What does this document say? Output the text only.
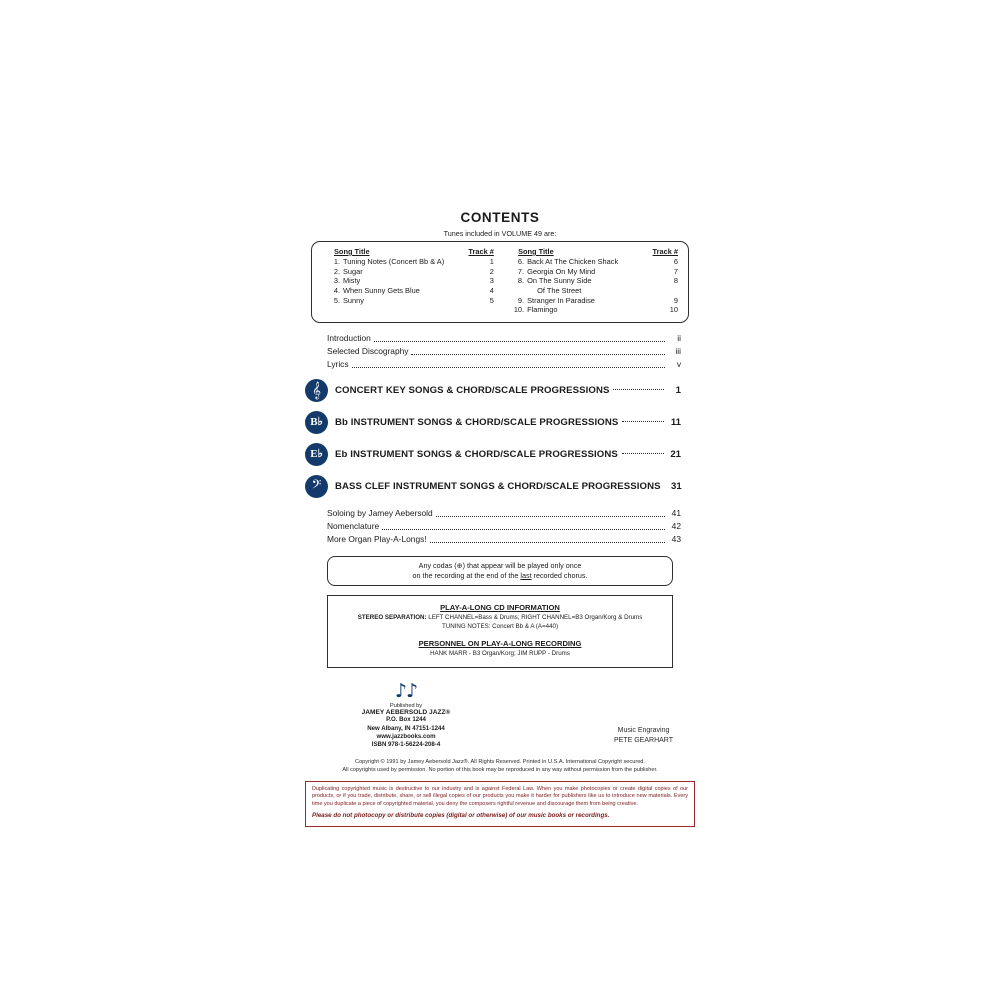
CONTENTS
Tunes included in VOLUME 49 are:
Song Title	Track #
1. Tuning Notes (Concert Bb & A)	1
2. Sugar	2
3. Misty	3
4. When Sunny Gets Blue	4
5. Sunny	5
Song Title	Track #
6. Back At The Chicken Shack	6
7. Georgia On My Mind	7
8. On The Sunny Side	8
Of The Street
9. Stranger In Paradise	9
10. Flamingo	10
Introduction	ii
Selected Discography	iii
Lyrics	v
𝄞	CONCERT KEY SONGS & CHORD/SCALE PROGRESSIONS	1
B♭	Bb INSTRUMENT SONGS & CHORD/SCALE PROGRESSIONS	11
E♭	Eb INSTRUMENT SONGS & CHORD/SCALE PROGRESSIONS	21
𝄢	BASS CLEF INSTRUMENT SONGS & CHORD/SCALE PROGRESSIONS	31
Soloing by Jamey Aebersold	41
Nomenclature	42
More Organ Play-A-Longs!	43
Any codas (⊕) that appear will be played only once
on the recording at the end of the last recorded chorus.
PLAY-A-LONG CD INFORMATION
STEREO SEPARATION: LEFT CHANNEL=Bass & Drums; RIGHT CHANNEL=B3 Organ/Korg & Drums
TUNING NOTES: Concert Bb & A (A=440)
PERSONNEL ON PLAY-A-LONG RECORDING
HANK MARR - B3 Organ/Korg; JIM RUPP - Drums
♪♪
Published by
JAMEY AEBERSOLD JAZZ®
P.O. Box 1244
New Albany, IN 47151-1244
www.jazzbooks.com
ISBN 978-1-56224-208-4
Music Engraving
PETE GEARHART
Copyright © 1991 by Jamey Aebersold Jazz®. All Rights Reserved. Printed in U.S.A. International Copyright secured.
All copyrights used by permission. No portion of this book may be reproduced in any way without permission from the publisher.
Duplicating copyrighted music is destructive to our industry and is against Federal Law. When you make photocopies or create digital copies of our products, or if you trade, distribute, share, or sell illegal copies of our products you make it harder for publishers like us to introduce new materials. Every time you duplicate a piece of copyrighted material, you deny the composers rightful revenue and discourage them from being creative.
Please do not photocopy or distribute copies (digital or otherwise) of our music books or recordings.
